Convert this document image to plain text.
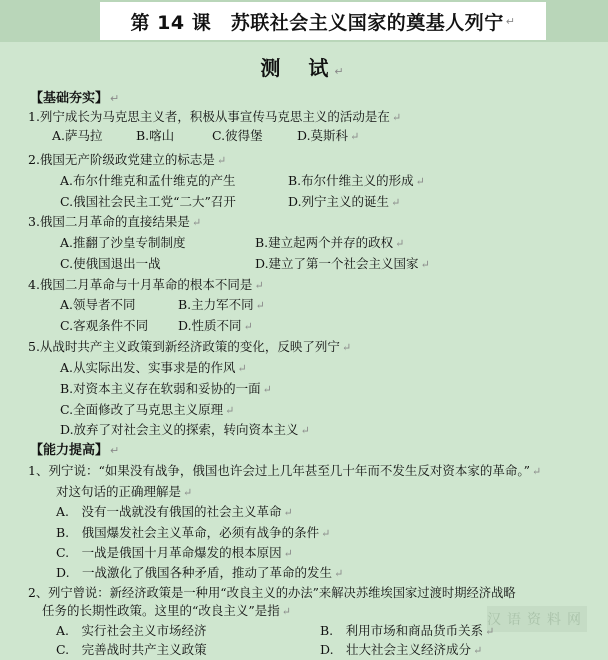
第 14 课　苏联社会主义国家的奠基人列宁 ↵
测　试 ↵
【基础夯实】 ↵
1.列宁成长为马克思主义者，积极从事宣传马克思主义的活动是在 ↵
A.萨马拉	B.喀山	C.彼得堡	D.莫斯科 ↵
2.俄国无产阶级政党建立的标志是 ↵
A.布尔什维克和孟什维克的产生	B.布尔什维主义的形成 ↵
C.俄国社会民主工党“二大”召开	D.列宁主义的诞生 ↵
3.俄国二月革命的直接结果是 ↵
A.推翻了沙皇专制制度	B.建立起两个并存的政权 ↵
C.使俄国退出一战	D.建立了第一个社会主义国家 ↵
4.俄国二月革命与十月革命的根本不同是 ↵
A.领导者不同	B.主力军不同 ↵
C.客观条件不同 D.性质不同 ↵
5.从战时共产主义政策到新经济政策的变化，反映了列宁 ↵
A.从实际出发、实事求是的作风 ↵
B.对资本主义存在软弱和妥协的一面 ↵
C.全面修改了马克思主义原理 ↵
D.放弃了对社会主义的探索，转向资本主义 ↵
【能力提高】 ↵
1、列宁说：“如果没有战争，俄国也许会过上几年甚至几十年而不发生反对资本家的革命。” ↵
对这句话的正确理解是 ↵
A.　没有一战就没有俄国的社会主义革命 ↵
B.　俄国爆发社会主义革命，必须有战争的条件 ↵
C.　一战是俄国十月革命爆发的根本原因 ↵
D.　一战激化了俄国各种矛盾，推动了革命的发生 ↵
2、列宁曾说：新经济政策是一种用“改良主义的办法”来解决苏维埃国家过渡时期经济战略
任务的长期性政策。这里的“改良主义”是指 ↵
汉语资料网
A.　实行社会主义市场经济	B.　利用市场和商品货币关系 ↵
C.　完善战时共产主义政策	D.　壮大社会主义经济成分 ↵
